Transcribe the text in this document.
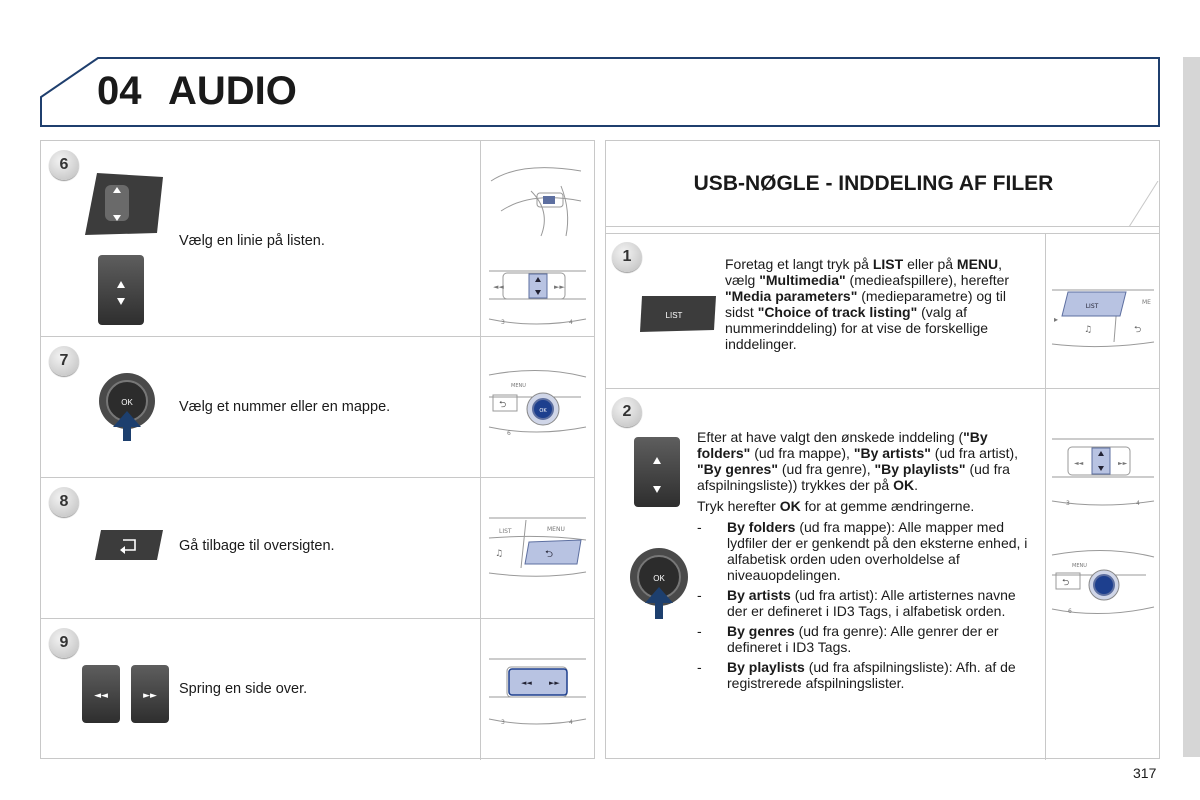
04 AUDIO
6
Vælg en linie på listen.
◄◄	►►
3	4
7
OK	Vælg et nummer eller en mappe.
MENU
⮌
6
OK
8
Gå tilbage til oversigten.
LIST	MENU
♫	⮌
9
◄◄	►► Spring en side over.	◄◄ ►►
3	4
USB-NØGLE - INDDELING AF FILER
1
LIST
Foretag et langt tryk på LIST eller på MENU, vælg "Multimedia" (medieafspillere), herefter "Media parameters" (medieparametre) og til sidst "Choice of track listing" (valg af nummerinddeling) for at vise de forskellige inddelinger.
LIST
ME
▸
♫	⮌
2
OK
Efter at have valgt den ønskede inddeling ("By folders" (ud fra mappe), "By artists" (ud fra artist), "By genres" (ud fra genre), "By playlists" (ud fra afspilningsliste)) trykkes der på OK.
Tryk herefter OK for at gemme ændringerne.
- By folders (ud fra mappe): Alle mapper med lydfiler der er genkendt på den eksterne enhed, i alfabetisk orden uden overholdelse af niveauopdelingen.
- By artists (ud fra artist): Alle artisternes navne der er defineret i ID3 Tags, i alfabetisk orden.
- By genres (ud fra genre): Alle genrer der er defineret i ID3 Tags.
- By playlists (ud fra afspilningsliste): Afh. af de registrerede afspilningslister.
◄◄	►►
3	4
MENU
⮌
6
317
